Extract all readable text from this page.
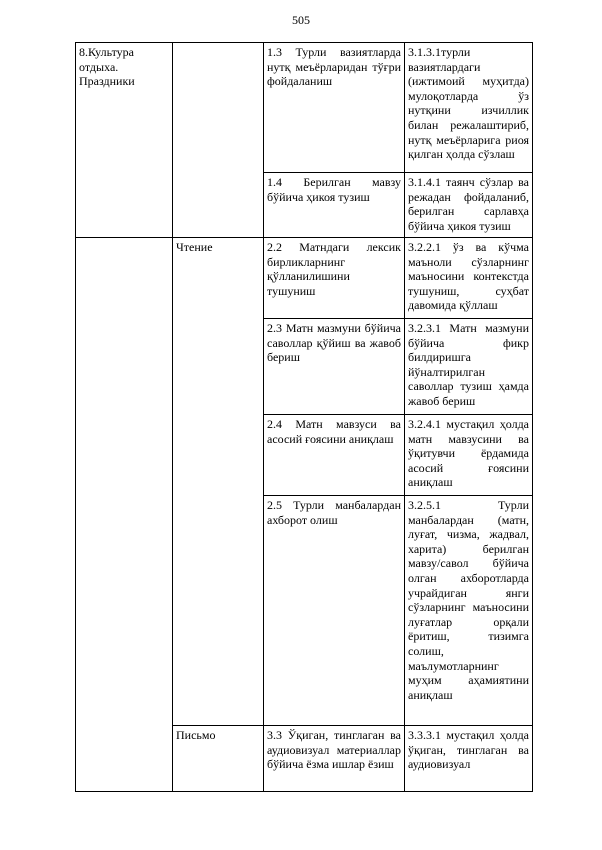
505
8.Культура
отдыха.
Праздники		1.3 Турли вазиятларда нутқ меъёрларидан тўғри фойдаланиш	3.1.3.1турли вазиятлардаги (ижтимоий муҳитда) мулоқотларда ўз нутқини изчиллик билан режалаштириб, нутқ меъёрларига риоя қилган ҳолда сўзлаш
		1.4 Берилган мавзу бўйича ҳикоя тузиш	3.1.4.1 таянч сўзлар ва режадан фойдаланиб, берилган сарлавҳа бўйича ҳикоя тузиш
	Чтение	2.2 Матндаги лексик бирликларнинг қўлланилишини тушуниш	3.2.2.1 ўз ва кўчма маъноли сўзларнинг маъносини контекстда тушуниш, суҳбат давомида қўллаш
		2.3 Матн мазмуни бўйича саволлар қўйиш ва жавоб бериш	3.2.3.1 Матн мазмуни бўйича фикр билдиришга йўналтирилган саволлар тузиш ҳамда жавоб бериш
		2.4 Матн мавзуси ва асосий ғоясини аниқлаш	3.2.4.1 мустақил ҳолда матн мавзусини ва ўқитувчи ёрдамида асосий ғоясини аниқлаш
		2.5 Турли манбалардан ахборот олиш	3.2.5.1 Турли манбалардан (матн, луғат, чизма, жадвал, харита) берилган мавзу/савол бўйича олган ахборотларда учрайдиган янги сўзларнинг маъносини луғатлар орқали ёритиш, тизимга солиш, маълумотларнинг муҳим аҳамиятини аниқлаш
	Письмо	3.3 Ўқиган, тинглаган ва аудиовизуал материаллар бўйича ёзма ишлар ёзиш	3.3.3.1 мустақил ҳолда ўқиган, тинглаган ва аудиовизуал
